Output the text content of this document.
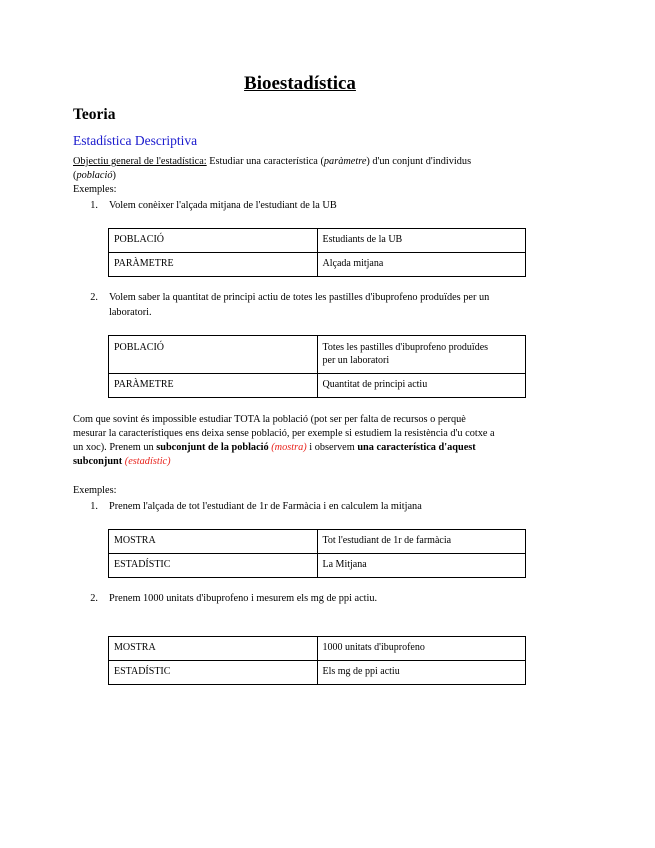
Bioestadística
Teoria
Estadística Descriptiva
Objectiu general de l'estadística: Estudiar una característica (paràmetre) d'un conjunt d'individus
(població)
Exemples:
1. Volem conèixer l'alçada mitjana de l'estudiant de la UB
POBLACIÓ	Estudiants de la UB
PARÀMETRE	Alçada mitjana
2. Volem saber la quantitat de principi actiu de totes les pastilles d'ibuprofeno produïdes per un
laboratori.
POBLACIÓ	Totes les pastilles d'ibuprofeno produïdes
per un laboratori

PARÀMETRE	Quantitat de principi actiu
Com que sovint és impossible estudiar TOTA la població (pot ser per falta de recursos o perquè
mesurar la característiques ens deixa sense població, per exemple si estudiem la resistència d'u cotxe a
un xoc). Prenem un subconjunt de la població (mostra) i observem una característica d'aquest
subconjunt (estadístic)
Exemples:
1. Prenem l'alçada de tot l'estudiant de 1r de Farmàcia i en calculem la mitjana
MOSTRA	Tot l'estudiant de 1r de farmàcia
ESTADÍSTIC	La Mitjana
2. Prenem 1000 unitats d'ibuprofeno i mesurem els mg de ppi actiu.
MOSTRA	1000 unitats d'ibuprofeno
ESTADÍSTIC	Els mg de ppi actiu
